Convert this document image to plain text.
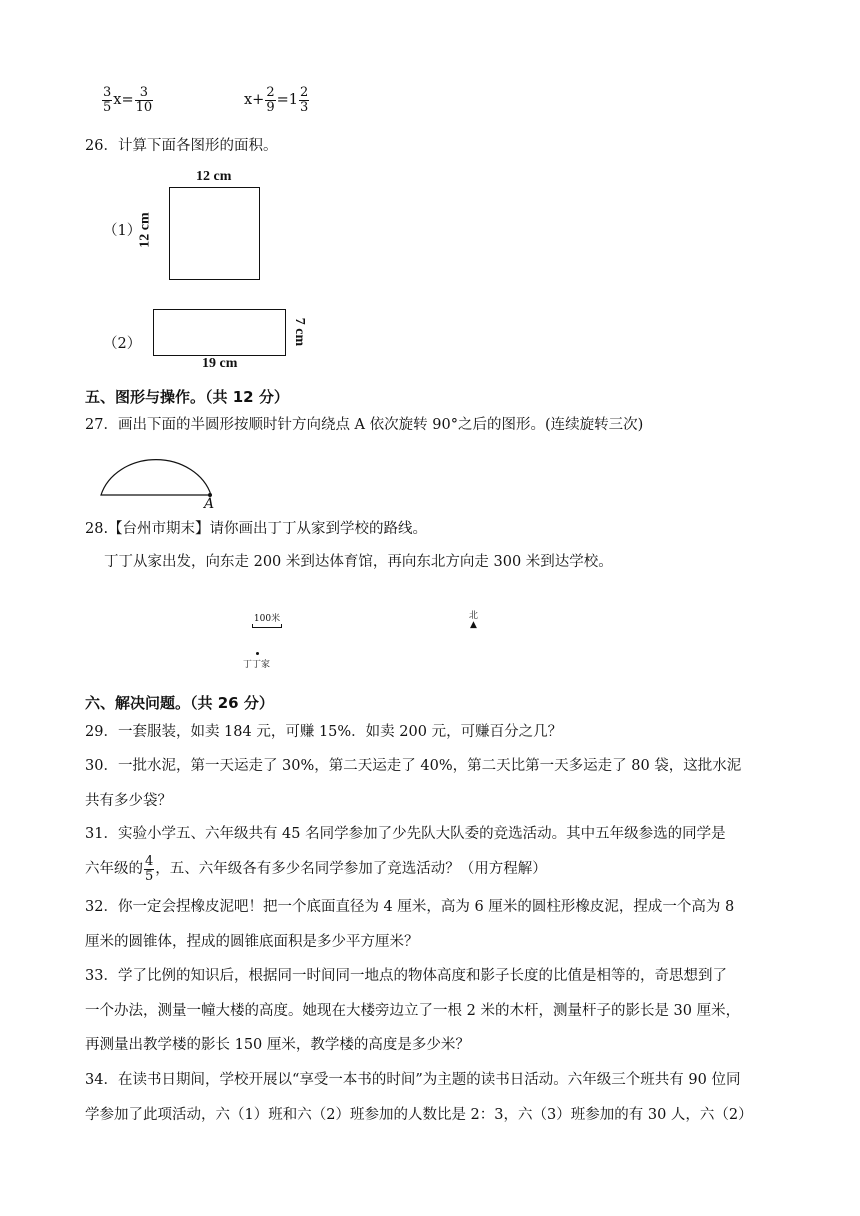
$\frac{3}{5} x= \frac{3}{10}$	$x+ \frac{2}{9} =1 \frac{2}{3}$
26．计算下面各图形的面积。
（1）
12 cm
12 cm
（2）
19 cm
7 cm
五、图形与操作。（共 12 分）
27．画出下面的半圆形按顺时针方向绕点 A 依次旋转 90°之后的图形。(连续旋转三次)
A
28.【台州市期末】请你画出丁丁从家到学校的路线。
丁丁从家出发，向东走 200 米到达体育馆，再向东北方向走 300 米到达学校。
100米	北
▲
丁丁家
六、解决问题。（共 26 分）
29．一套服装，如卖 184 元，可赚 15%．如卖 200 元，可赚百分之几？
30．一批水泥，第一天运走了 30%，第二天运走了 40%，第二天比第一天多运走了 80 袋，这批水泥
共有多少袋？
31．实验小学五、六年级共有 45 名同学参加了少先队大队委的竞选活动。其中五年级参选的同学是
六年级的 $\frac{4}{5}$ ，五、六年级各有多少名同学参加了竞选活动？（用方程解）
32．你一定会捏橡皮泥吧！把一个底面直径为 4 厘米，高为 6 厘米的圆柱形橡皮泥，捏成一个高为 8
厘米的圆锥体，捏成的圆锥底面积是多少平方厘米？
33．学了比例的知识后，根据同一时间同一地点的物体高度和影子长度的比值是相等的，奇思想到了
一个办法，测量一幢大楼的高度。她现在大楼旁边立了一根 2 米的木杆，测量杆子的影长是 30 厘米，
再测量出教学楼的影长 150 厘米，教学楼的高度是多少米？
34．在读书日期间，学校开展以“享受一本书的时间”为主题的读书日活动。六年级三个班共有 90 位同
学参加了此项活动，六（1）班和六（2）班参加的人数比是 2：3，六（3）班参加的有 30 人，六（2）
